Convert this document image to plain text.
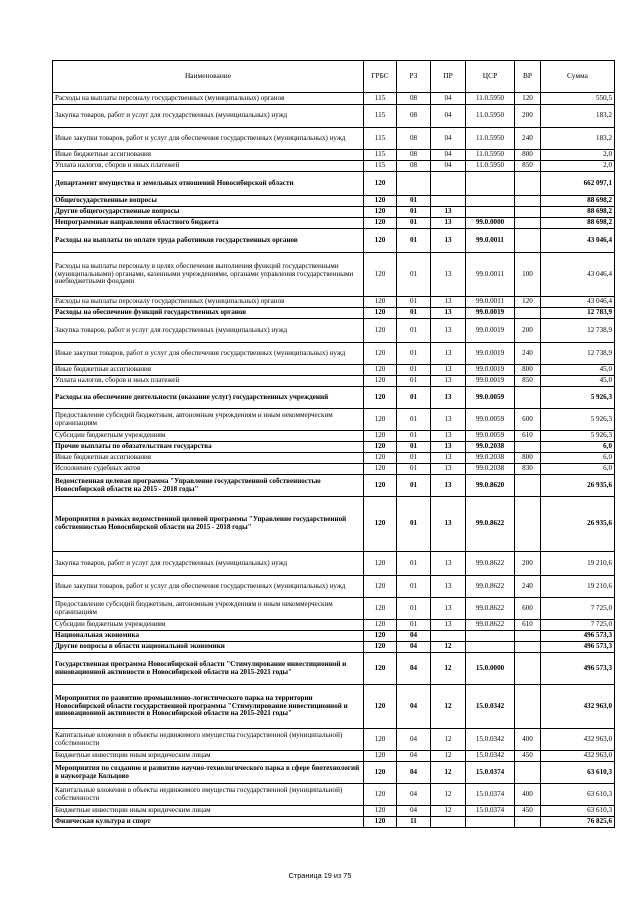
Наименование	ГРБС	РЗ	ПР	ЦСР	ВР	Сумма
Расходы на выплаты персоналу государственных (муниципальных) органов	115	08	04	11.0.5950	120	550,5
Закупка товаров, работ и услуг для государственных (муниципальных) нужд	115	08	04	11.0.5950	200	183,2
Иные закупки товаров, работ и услуг для обеспечения государственных (муниципальных) нужд	115	08	04	11.0.5950	240	183,2
Иные бюджетные ассигнования	115	08	04	11.0.5950	800	2,0
Уплата налогов, сборов и иных платежей	115	08	04	11.0.5950	850	2,0
Департамент имущества и земельных отношений Новосибирской области	120					662 097,1
Общегосударственные вопросы	120	01				88 698,2
Другие общегосударственные вопросы	120	01	13			88 698,2
Непрограммные направления областного бюджета	120	01	13	99.0.0000		88 698,2
Расходы на выплаты по оплате труда работников государственных органов	120	01	13	99.0.0011		43 046,4
Расходы на выплаты персоналу в целях обеспечения выполнения функций государственными (муниципальными) органами, казенными учреждениями, органами управления государственными внебюджетными фондами	120	01	13	99.0.0011	100	43 046,4
Расходы на выплаты персоналу государственных (муниципальных) органов	120	01	13	99.0.0011	120	43 046,4
Расходы на обеспечение функций государственных органов	120	01	13	99.0.0019		12 783,9
Закупка товаров, работ и услуг для государственных (муниципальных) нужд	120	01	13	99.0.0019	200	12 738,9
Иные закупки товаров, работ и услуг для обеспечения государственных (муниципальных) нужд	120	01	13	99.0.0019	240	12 738,9
Иные бюджетные ассигнования	120	01	13	99.0.0019	800	45,0
Уплата налогов, сборов и иных платежей	120	01	13	99.0.0019	850	45,0
Расходы на обеспечение деятельности (оказание услуг) государственных учреждений	120	01	13	99.0.0059		5 926,3
Предоставление субсидий бюджетным, автономным учреждениям и иным некоммерческим организациям	120	01	13	99.0.0059	600	5 926,3
Субсидии бюджетным учреждениям	120	01	13	99.0.0059	610	5 926,3
Прочие выплаты по обязательствам государства	120	01	13	99.0.2038		6,0
Иные бюджетные ассигнования	120	01	13	99.0.2038	800	6,0
Исполнение судебных актов	120	01	13	99.0.2038	830	6,0
Ведомственная целевая программа "Управление государственной собственностью Новосибирской области на 2015 - 2018 годы"	120	01	13	99.0.8620		26 935,6
Мероприятия в рамках ведомственной целевой программы "Управление государственной собственностью Новосибирской области на 2015 - 2018 годы"	120	01	13	99.0.8622		26 935,6
Закупка товаров, работ и услуг для государственных (муниципальных) нужд	120	01	13	99.0.8622	200	19 210,6
Иные закупки товаров, работ и услуг для обеспечения государственных (муниципальных) нужд	120	01	13	99.0.8622	240	19 210,6
Предоставление субсидий бюджетным, автономным учреждениям и иным некоммерческим организациям	120	01	13	99.0.8622	600	7 725,0
Субсидии бюджетным учреждениям	120	01	13	99.0.8622	610	7 725,0
Национальная экономика	120	04				496 573,3
Другие вопросы в области национальной экономики	120	04	12			496 573,3
Государственная программа Новосибирской области "Стимулирование инвестиционной и инновационной активности в Новосибирской области на 2015-2021 годы"	120	04	12	15.0.0000		496 573,3
Мероприятия по развитию промышленно-логистического парка на территории Новосибирской области государственной программы "Стимулирование инвестиционной и инновационной активности в Новосибирской области на 2015-2021 годы"	120	04	12	15.0.0342		432 963,0
Капитальные вложения в объекты недвижимого имущества государственной (муниципальной) собственности	120	04	12	15.0.0342	400	432 963,0
Бюджетные инвестиции иным юридическим лицам	120	04	12	15.0.0342	450	432 963,0
Мероприятия по созданию и развитию научно-технологического парка в сфере биотехнологий в наукограде Кольцово	120	04	12	15.0.0374		63 610,3
Капитальные вложения в объекты недвижимого имущества государственной (муниципальной) собственности	120	04	12	15.0.0374	400	63 610,3
Бюджетные инвестиции иным юридическим лицам	120	04	12	15.0.0374	450	63 610,3
Физическая культура и спорт	120	11				76 825,6
Страница 19 из 75
